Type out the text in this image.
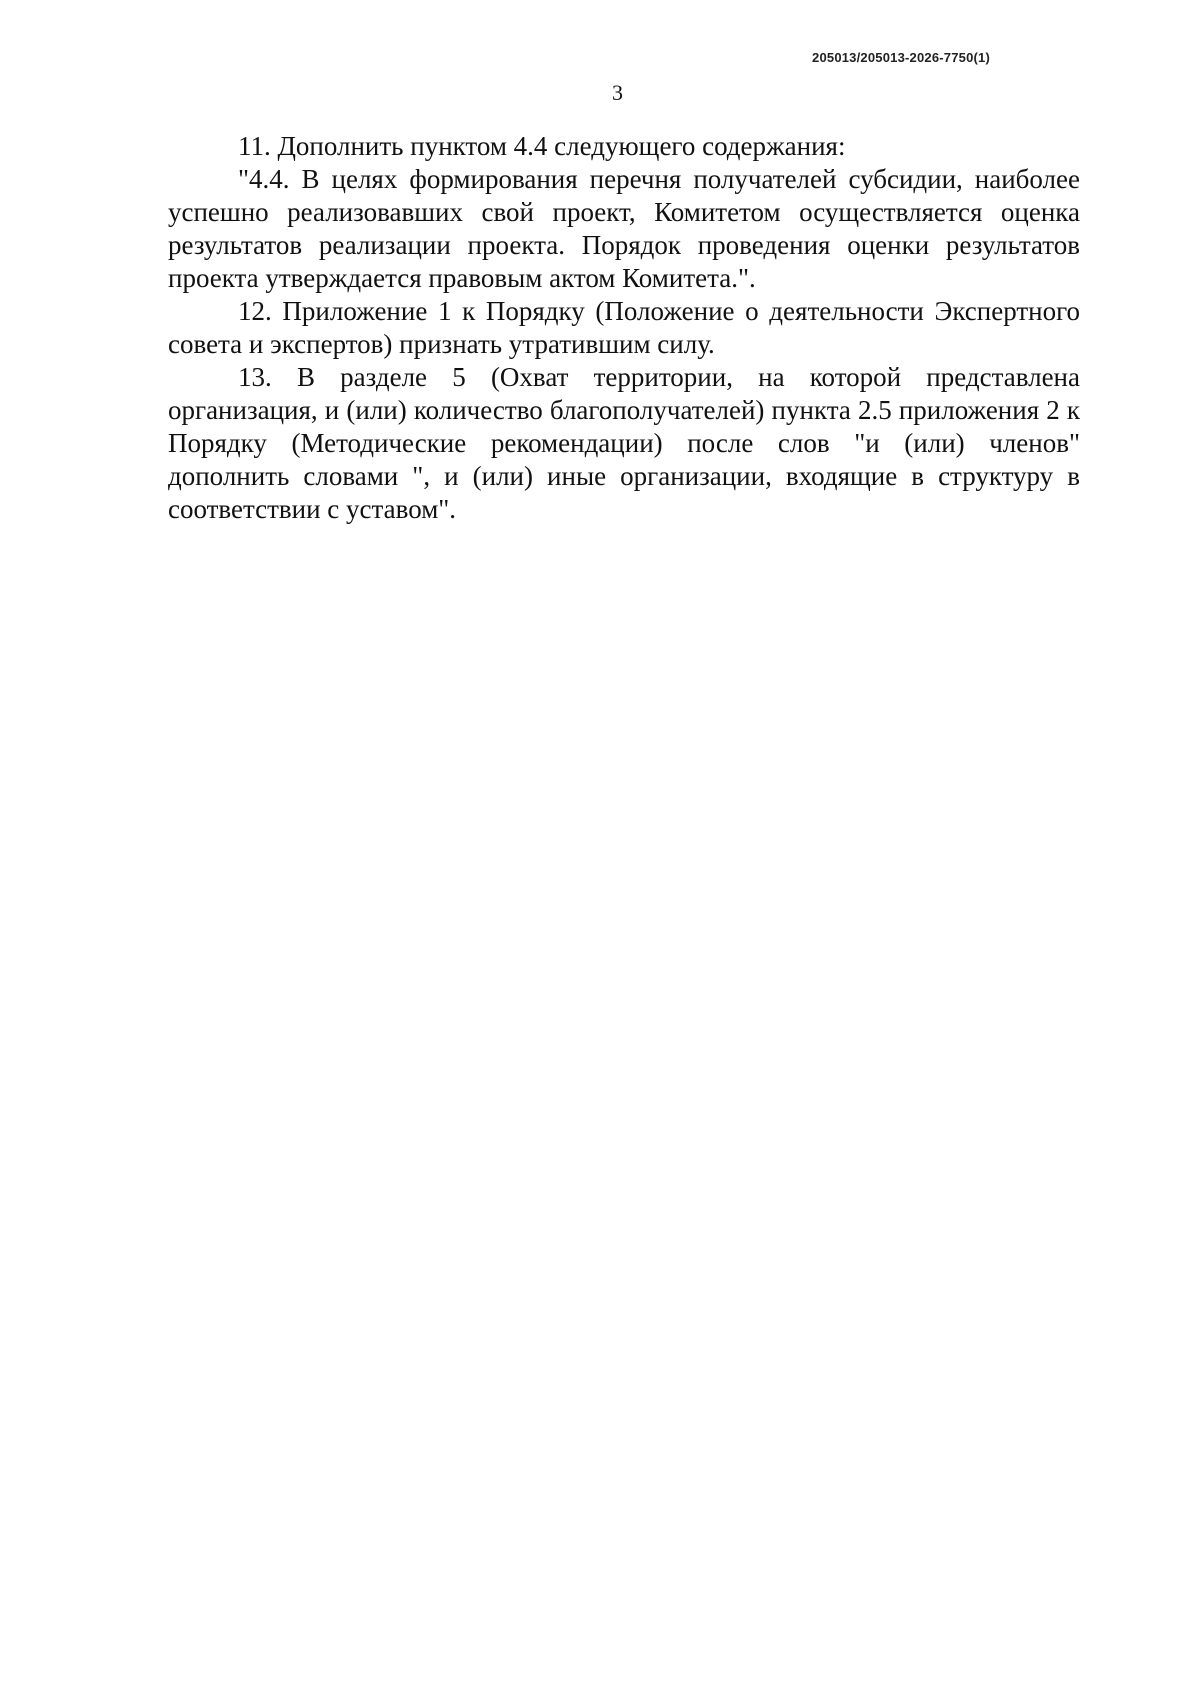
205013/205013-2026-7750(1)
3

11. Дополнить пунктом 4.4 следующего содержания:

"4.4. В целях формирования перечня получателей субсидии, наиболее успешно реализовавших свой проект, Комитетом осуществляется оценка результатов реализации проекта. Порядок проведения оценки результатов проекта утверждается правовым актом Комитета.".

12. Приложение 1 к Порядку (Положение о деятельности Экспертного совета и экспертов) признать утратившим силу.

13. В разделе 5 (Охват территории, на которой представлена организация, и (или) количество благополучателей) пункта 2.5 приложения 2 к Порядку (Методические рекомендации) после слов "и (или) членов" дополнить словами ", и (или) иные организации, входящие в структуру в соответствии с уставом".
